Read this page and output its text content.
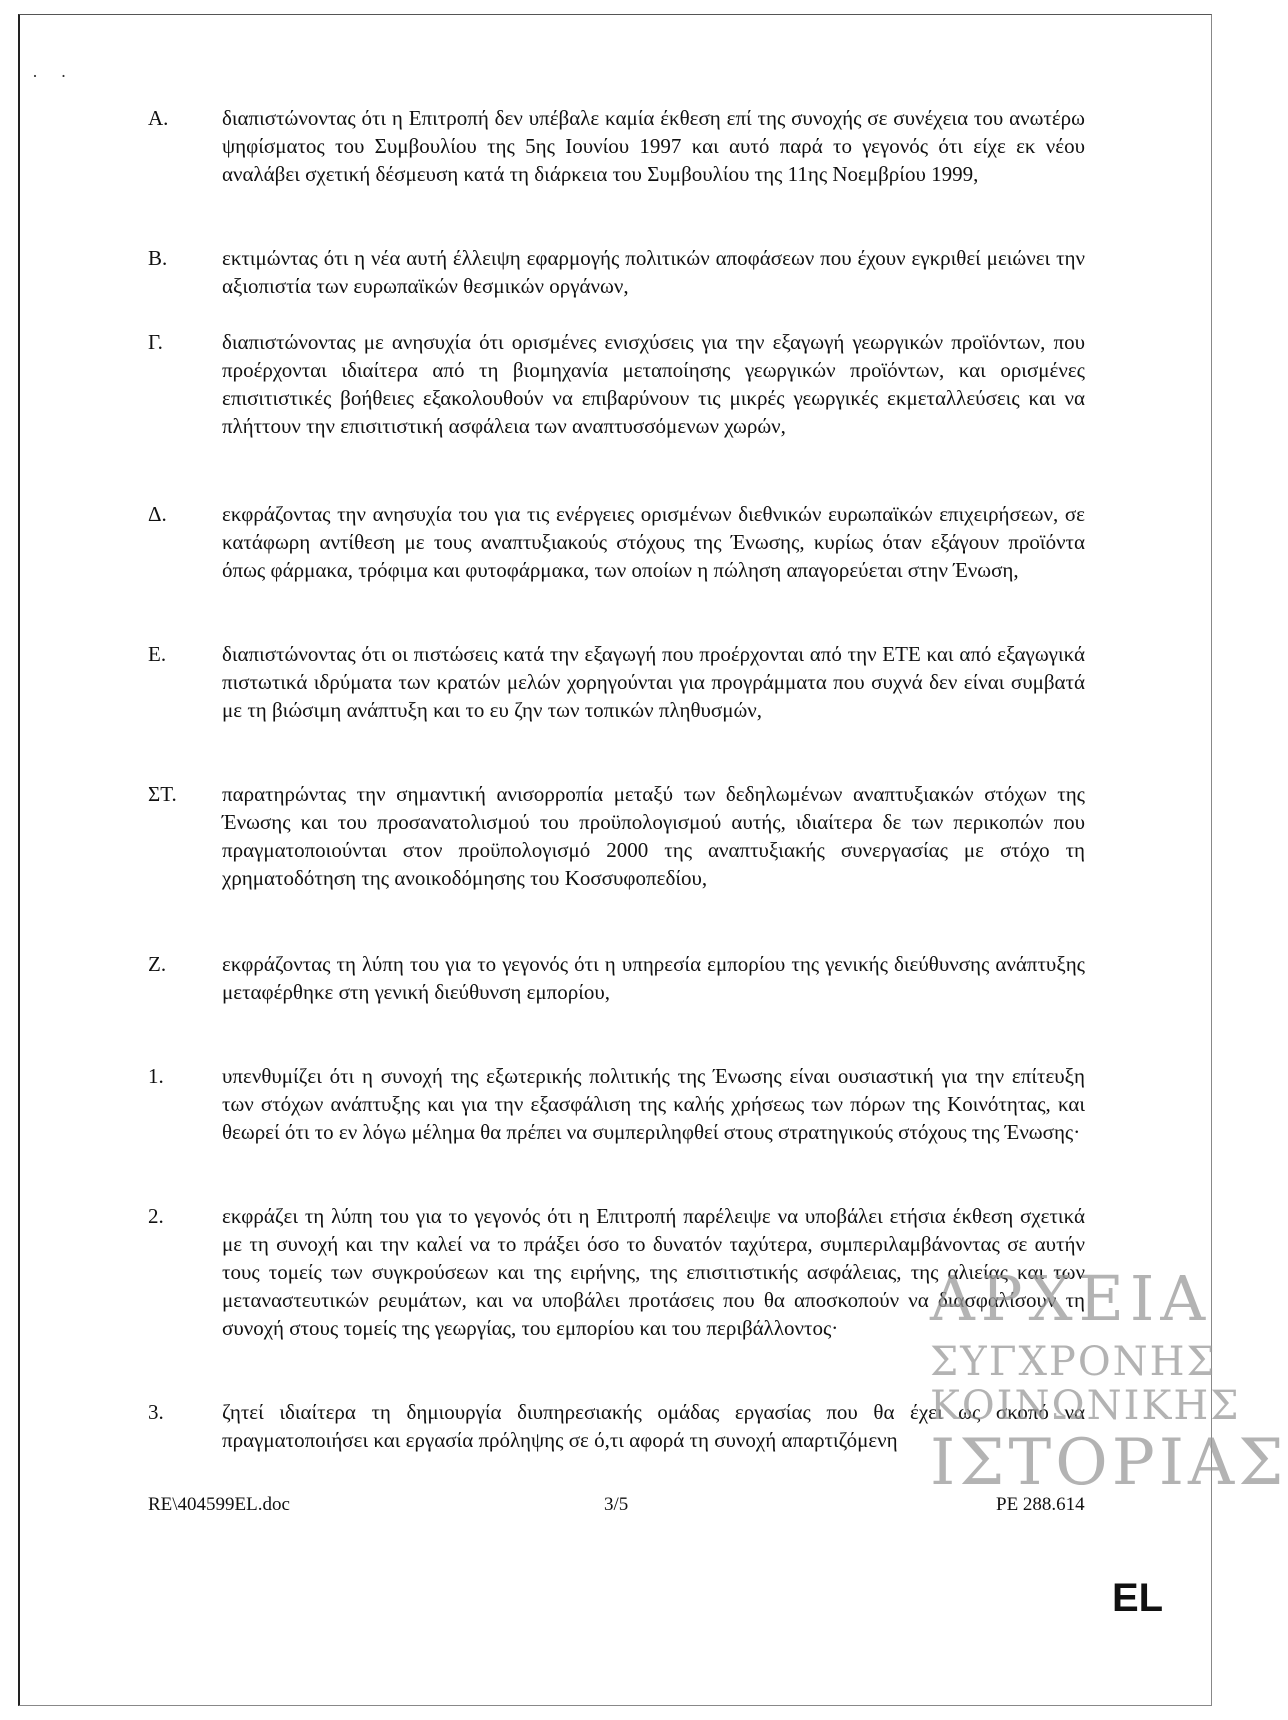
·     ·
A.	διαπιστώνοντας ότι η Επιτροπή δεν υπέβαλε καμία έκθεση επί της συνοχής σε συνέχεια του ανωτέρω ψηφίσματος του Συμβουλίου της 5ης Ιουνίου 1997 και αυτό παρά το γεγονός ότι είχε εκ νέου αναλάβει σχετική δέσμευση κατά τη διάρκεια του Συμβουλίου της 11ης Νοεμβρίου 1999,

B.	εκτιμώντας ότι η νέα αυτή έλλειψη εφαρμογής πολιτικών αποφάσεων που έχουν εγκριθεί μειώνει την αξιοπιστία των ευρωπαϊκών θεσμικών οργάνων,

Γ.	διαπιστώνοντας με ανησυχία ότι ορισμένες ενισχύσεις για την εξαγωγή γεωργικών προϊόντων, που προέρχονται ιδιαίτερα από τη βιομηχανία μεταποίησης γεωργικών προϊόντων, και ορισμένες επισιτιστικές βοήθειες εξακολουθούν να επιβαρύνουν τις μικρές γεωργικές εκμεταλλεύσεις και να πλήττουν την επισιτιστική ασφάλεια των αναπτυσσόμενων χωρών,

Δ.	εκφράζοντας την ανησυχία του για τις ενέργειες ορισμένων διεθνικών ευρωπαϊκών επιχειρήσεων, σε κατάφωρη αντίθεση με τους αναπτυξιακούς στόχους της Ένωσης, κυρίως όταν εξάγουν προϊόντα όπως φάρμακα, τρόφιμα και φυτοφάρμακα, των οποίων η πώληση απαγορεύεται στην Ένωση,

E.	διαπιστώνοντας ότι οι πιστώσεις κατά την εξαγωγή που προέρχονται από την ΕΤΕ και από εξαγωγικά πιστωτικά ιδρύματα των κρατών μελών χορηγούνται για προγράμματα που συχνά δεν είναι συμβατά με τη βιώσιμη ανάπτυξη και το ευ ζην των τοπικών πληθυσμών,

ΣΤ. παρατηρώντας την σημαντική ανισορροπία μεταξύ των δεδηλωμένων αναπτυξιακών στόχων της Ένωσης και του προσανατολισμού του προϋπολογισμού αυτής, ιδιαίτερα δε των περικοπών που πραγματοποιούνται στον προϋπολογισμό 2000 της αναπτυξιακής συνεργασίας με στόχο τη χρηματοδότηση της ανοικοδόμησης του Κοσσυφοπεδίου,

Z.	εκφράζοντας τη λύπη του για το γεγονός ότι η υπηρεσία εμπορίου της γενικής διεύθυνσης ανάπτυξης μεταφέρθηκε στη γενική διεύθυνση εμπορίου,

1.	υπενθυμίζει ότι η συνοχή της εξωτερικής πολιτικής της Ένωσης είναι ουσιαστική για την επίτευξη των στόχων ανάπτυξης και για την εξασφάλιση της καλής χρήσεως των πόρων της Κοινότητας, και θεωρεί ότι το εν λόγω μέλημα θα πρέπει να συμπεριληφθεί στους στρατηγικούς στόχους της Ένωσης·

2.	εκφράζει τη λύπη του για το γεγονός ότι η Επιτροπή παρέλειψε να υποβάλει ετήσια έκθεση σχετικά με τη συνοχή και την καλεί να το πράξει όσο το δυνατόν ταχύτερα, συμπεριλαμβάνοντας σε αυτήν τους τομείς των συγκρούσεων και της ειρήνης, της επισιτιστικής ασφάλειας, της αλιείας και των μεταναστευτικών ρευμάτων, και να υποβάλει προτάσεις που θα αποσκοπούν να διασφαλίσουν τη συνοχή στους τομείς της γεωργίας, του εμπορίου και του περιβάλλοντος·

3.	ζητεί ιδιαίτερα τη δημιουργία διυπηρεσιακής ομάδας εργασίας που θα έχει ως σκοπό να πραγματοποιήσει και εργασία πρόληψης σε ό,τι αφορά τη συνοχή απαρτιζόμενη

RE\404599EL.doc	3/5	PE 288.614
ΑΡΧΕΙΑ
ΣΥΓΧΡΟΝΗΣ
ΚΟΙΝΩΝΙΚΗΣ
ΙΣΤΟΡΙΑΣ
EL
